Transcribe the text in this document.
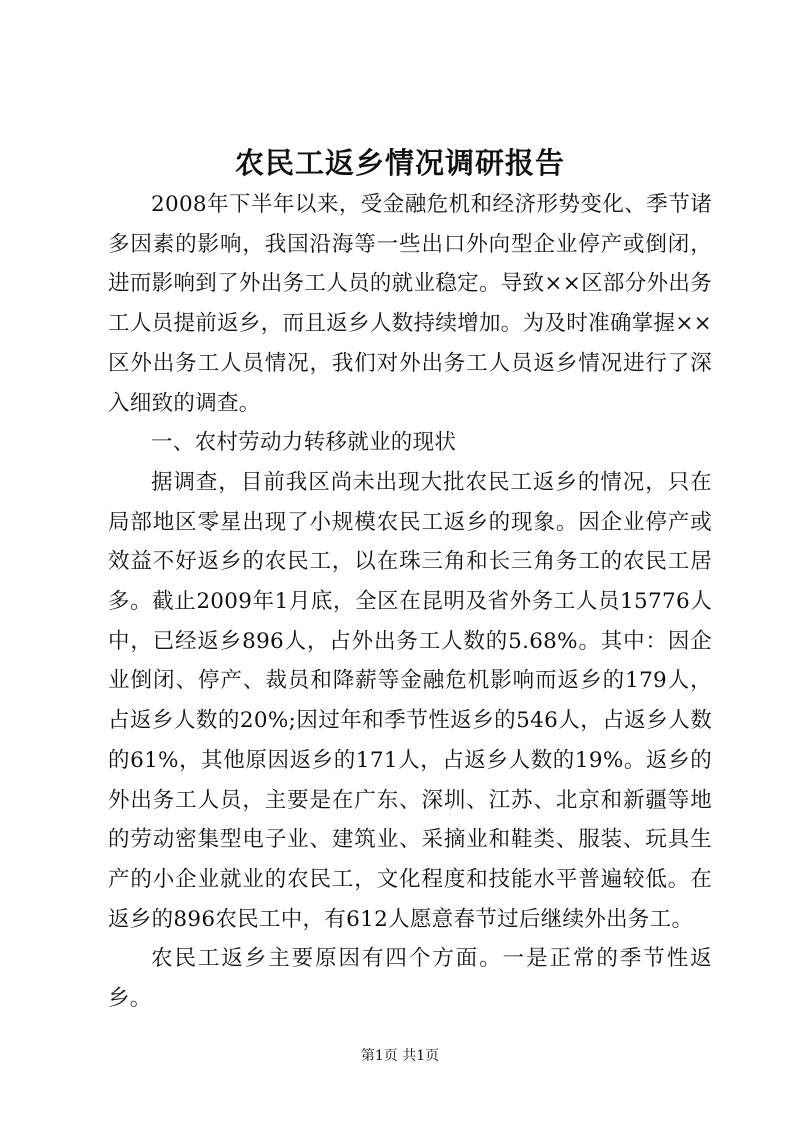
农民工返乡情况调研报告

2008年下半年以来，受金融危机和经济形势变化、季节诸多因素的影响，我国沿海等一些出口外向型企业停产或倒闭，进而影响到了外出务工人员的就业稳定。导致××区部分外出务工人员提前返乡，而且返乡人数持续增加。为及时准确掌握××区外出务工人员情况，我们对外出务工人员返乡情况进行了深入细致的调查。

一、农村劳动力转移就业的现状

据调查，目前我区尚未出现大批农民工返乡的情况，只在局部地区零星出现了小规模农民工返乡的现象。因企业停产或效益不好返乡的农民工，以在珠三角和长三角务工的农民工居多。截止2009年1月底，全区在昆明及省外务工人员15776人中，已经返乡896人，占外出务工人数的5.68%。其中：因企业倒闭、停产、裁员和降薪等金融危机影响而返乡的179人，占返乡人数的20%;因过年和季节性返乡的546人，占返乡人数的61%，其他原因返乡的171人，占返乡人数的19%。返乡的外出务工人员，主要是在广东、深圳、江苏、北京和新疆等地的劳动密集型电子业、建筑业、采摘业和鞋类、服装、玩具生产的小企业就业的农民工，文化程度和技能水平普遍较低。在返乡的896农民工中，有612人愿意春节过后继续外出务工。

农民工返乡主要原因有四个方面。一是正常的季节性返乡。

第1页 共1页
